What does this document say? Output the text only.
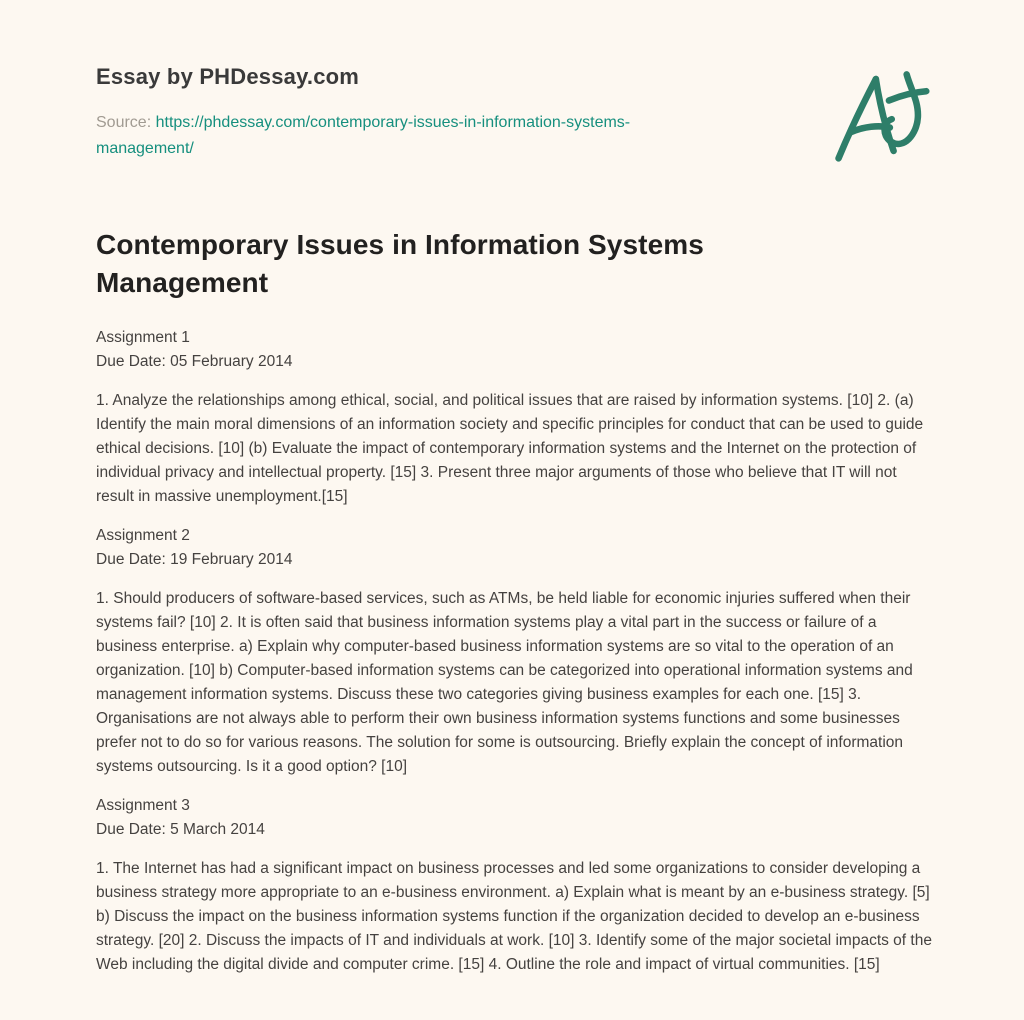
Essay by PHDessay.com
Source: https://phdessay.com/contemporary-issues-in-information-systems-management/
Contemporary Issues in Information Systems Management
Assignment 1
Due Date: 05 February 2014
1. Analyze the relationships among ethical, social, and political issues that are raised by information systems. [10] 2. (a) Identify the main moral dimensions of an information society and specific principles for conduct that can be used to guide ethical decisions. [10] (b) Evaluate the impact of contemporary information systems and the Internet on the protection of individual privacy and intellectual property. [15] 3. Present three major arguments of those who believe that IT will not result in massive unemployment.[15]
Assignment 2
Due Date: 19 February 2014
1. Should producers of software-based services, such as ATMs, be held liable for economic injuries suffered when their systems fail? [10] 2. It is often said that business information systems play a vital part in the success or failure of a business enterprise. a) Explain why computer-based business information systems are so vital to the operation of an organization. [10] b) Computer-based information systems can be categorized into operational information systems and management information systems. Discuss these two categories giving business examples for each one. [15] 3. Organisations are not always able to perform their own business information systems functions and some businesses prefer not to do so for various reasons. The solution for some is outsourcing. Briefly explain the concept of information systems outsourcing. Is it a good option? [10]
Assignment 3
Due Date: 5 March 2014
1. The Internet has had a significant impact on business processes and led some organizations to consider developing a business strategy more appropriate to an e-business environment. a) Explain what is meant by an e-business strategy. [5] b) Discuss the impact on the business information systems function if the organization decided to develop an e-business strategy. [20] 2. Discuss the impacts of IT and individuals at work. [10] 3. Identify some of the major societal impacts of the Web including the digital divide and computer crime. [15] 4. Outline the role and impact of virtual communities. [15]
